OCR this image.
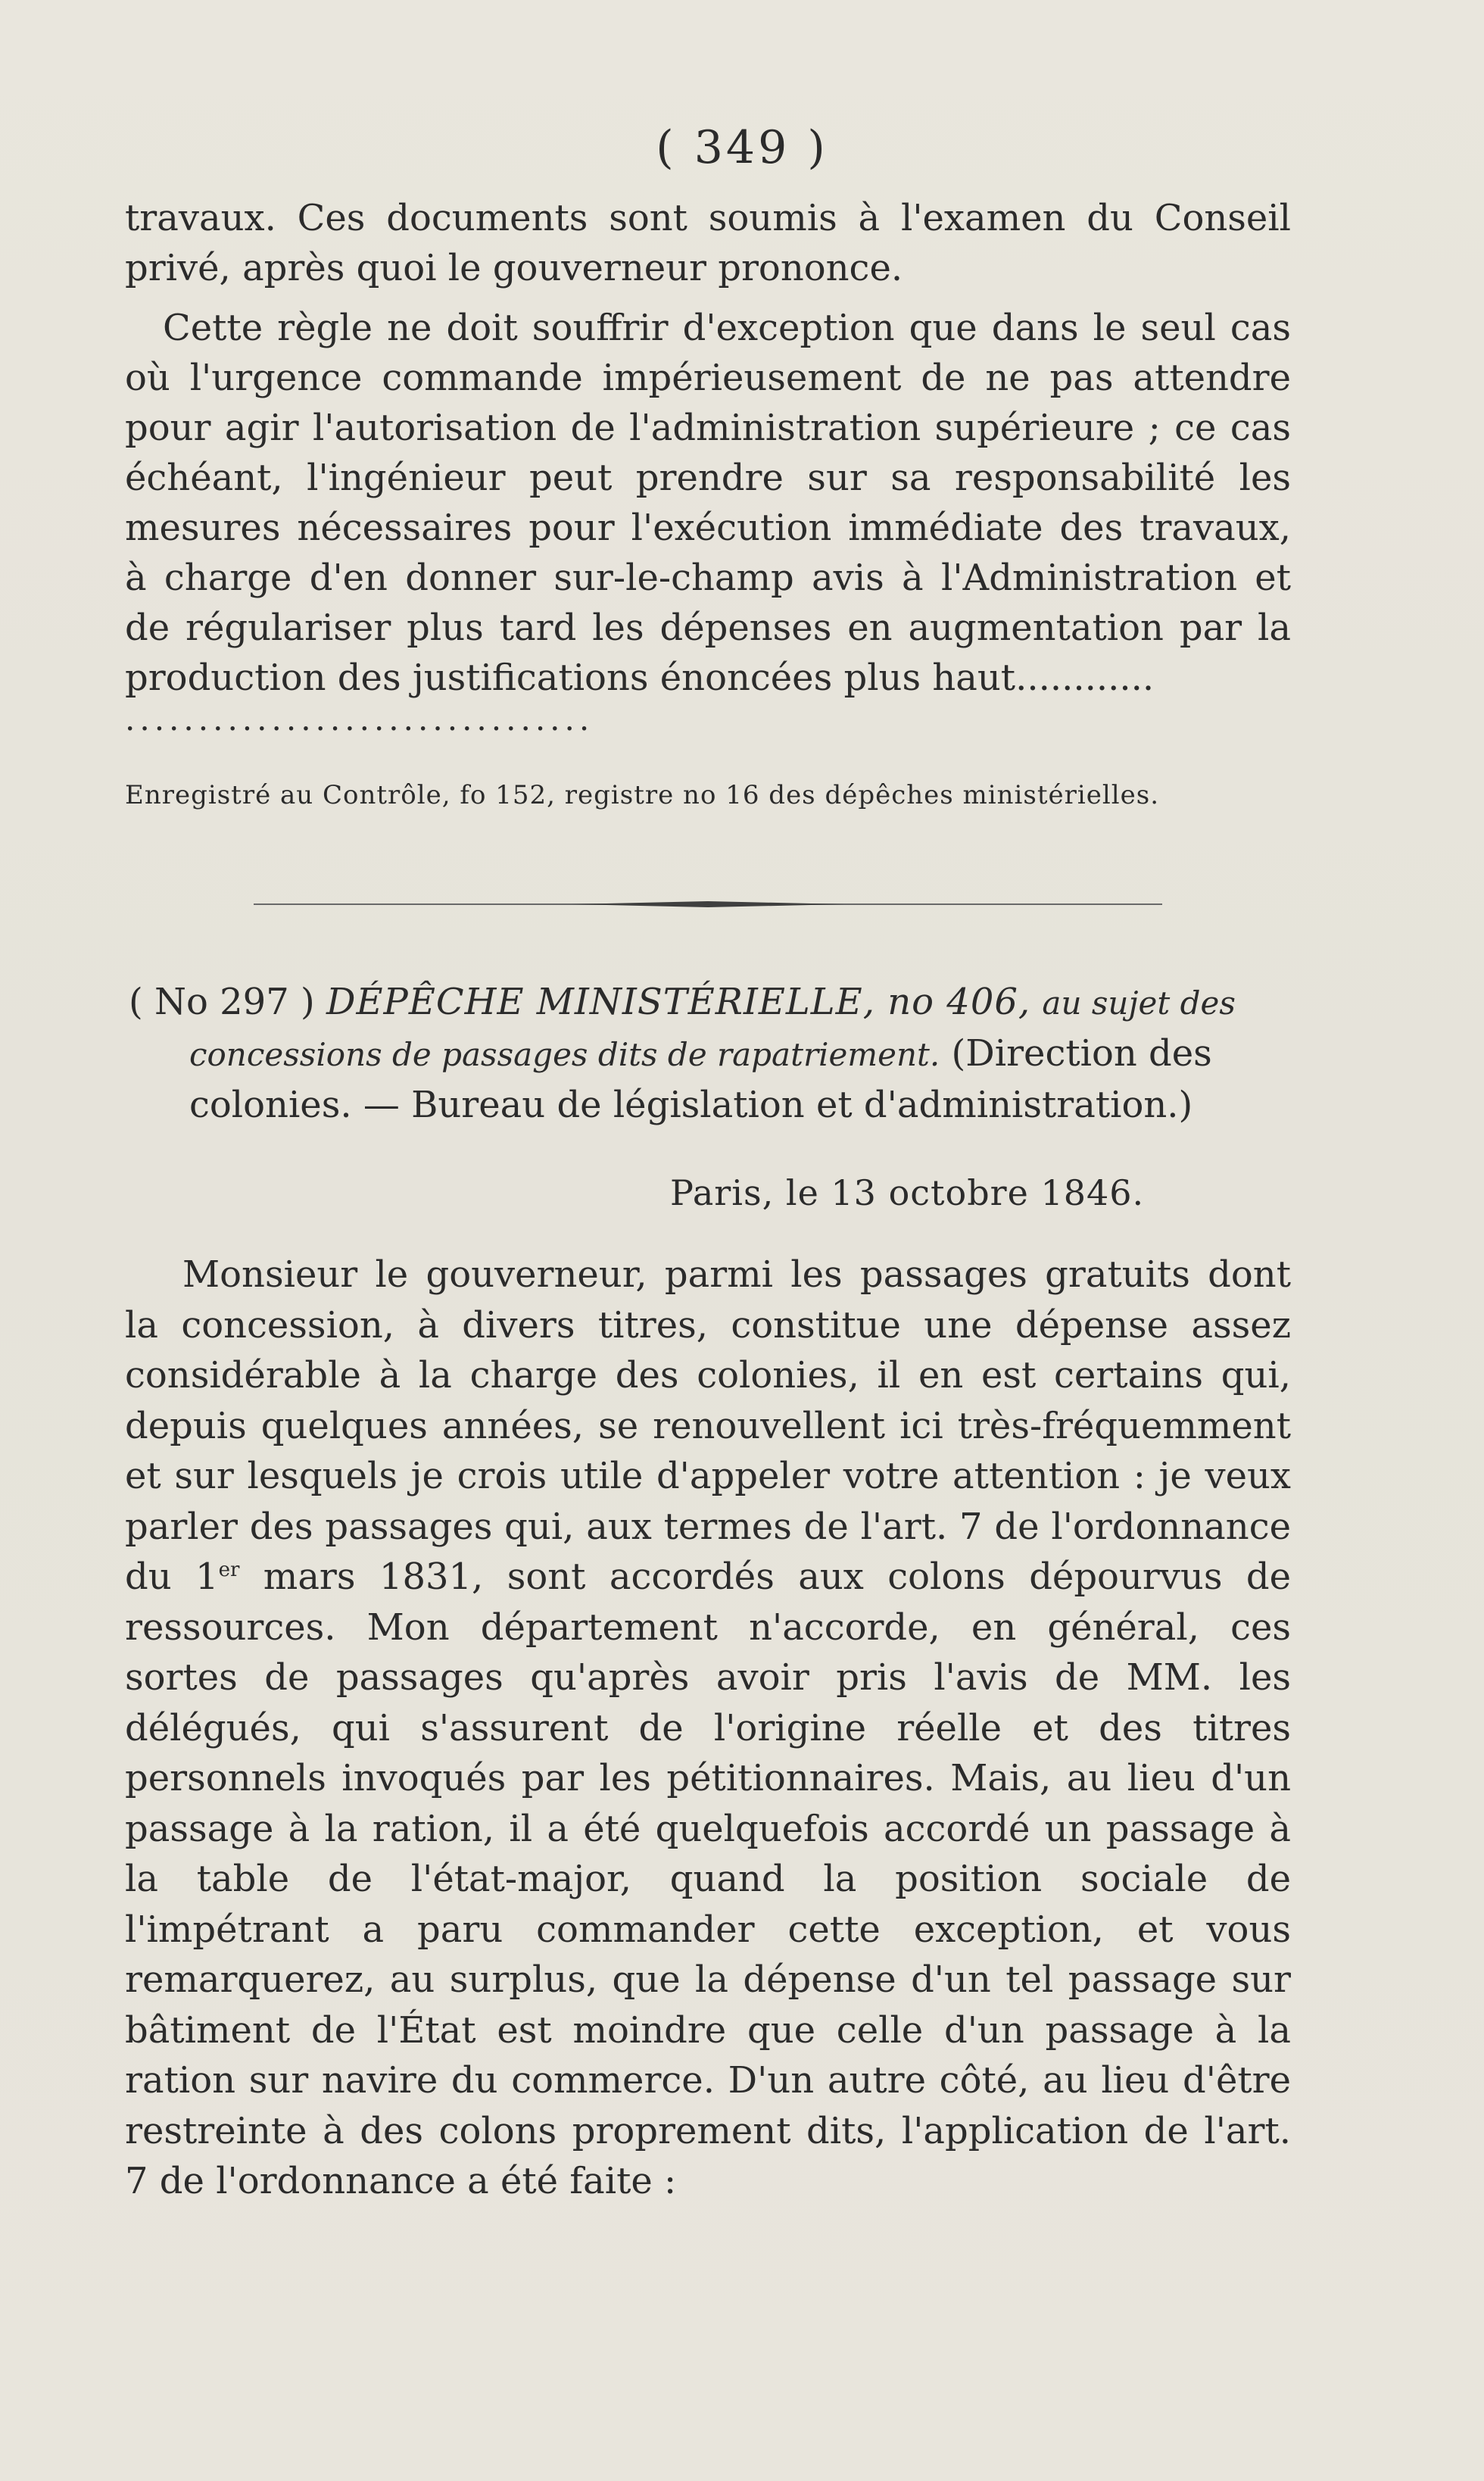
( 349 )
travaux. Ces documents sont soumis à l'examen du Conseil privé, après quoi le gouverneur prononce.
Cette règle ne doit souffrir d'exception que dans le seul cas où l'urgence commande impérieusement de ne pas attendre pour agir l'autorisation de l'administration supérieure ; ce cas échéant, l'ingénieur peut prendre sur sa responsabilité les mesures nécessaires pour l'exécution immédiate des travaux, à charge d'en donner sur-le-champ avis à l'Administration et de régulariser plus tard les dépenses en augmentation par la production des justifications énoncées plus haut............
................................
Enregistré au Contrôle, fo 152, registre no 16 des dépêches ministérielles.
( No 297 ) DÉPÊCHE MINISTÉRIELLE, no 406, au sujet des concessions de passages dits de rapatriement. (Direction des colonies. — Bureau de législation et d'administration.)
Paris, le 13 octobre 1846.
Monsieur le gouverneur, parmi les passages gratuits dont la concession, à divers titres, constitue une dépense assez considérable à la charge des colonies, il en est certains qui, depuis quelques années, se renouvellent ici très-fréquemment et sur lesquels je crois utile d'appeler votre attention : je veux parler des passages qui, aux termes de l'art. 7 de l'ordonnance du 1er mars 1831, sont accordés aux colons dépourvus de ressources. Mon département n'accorde, en général, ces sortes de passages qu'après avoir pris l'avis de MM. les délégués, qui s'assurent de l'origine réelle et des titres personnels invoqués par les pétitionnaires. Mais, au lieu d'un passage à la ration, il a été quelquefois accordé un passage à la table de l'état-major, quand la position sociale de l'impétrant a paru commander cette exception, et vous remarquerez, au surplus, que la dépense d'un tel passage sur bâtiment de l'État est moindre que celle d'un passage à la ration sur navire du commerce. D'un autre côté, au lieu d'être restreinte à des colons proprement dits, l'application de l'art. 7 de l'ordonnance a été faite :
